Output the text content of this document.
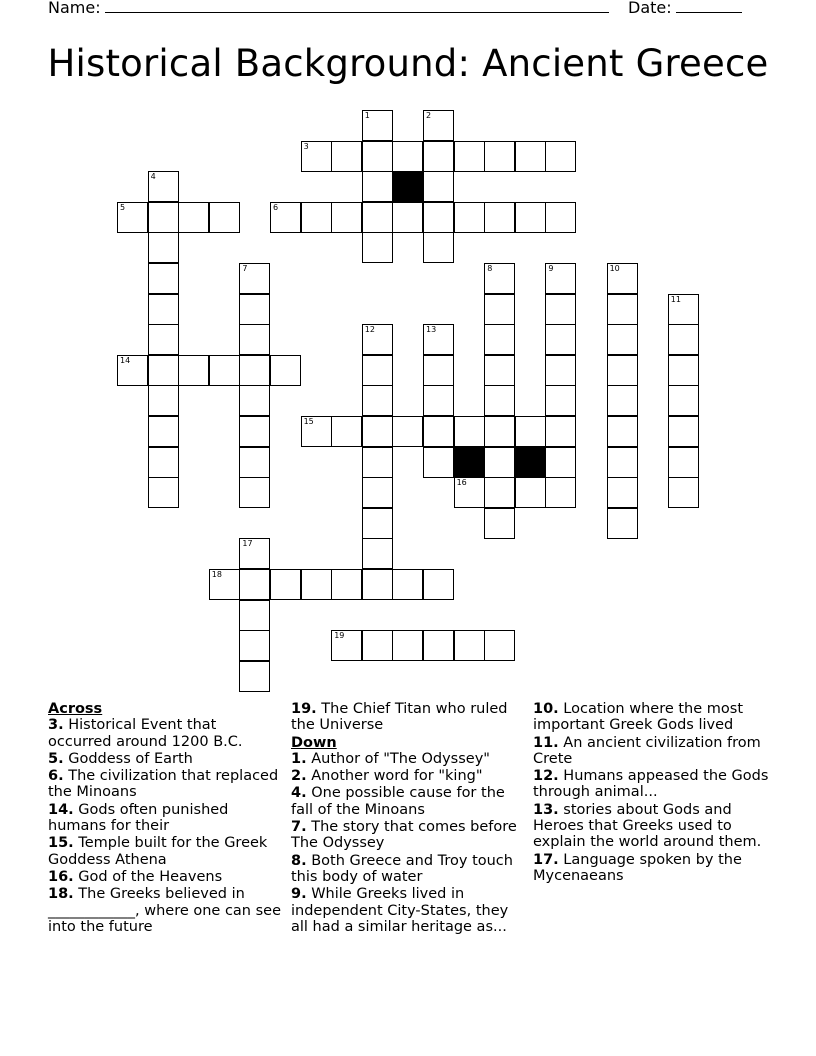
Name:	Date:
Historical Background: Ancient Greece
3
5	6
14
15
16
18
19
1	2
4
7	8	9	10
11
12	13
17
Across
3. Historical Event that occurred around 1200 B.C.
5. Goddess of Earth
6. The civilization that replaced the Minoans
14. Gods often punished humans for their
15. Temple built for the Greek Goddess Athena
16. God of the Heavens
18. The Greeks believed in ____________, where one can see into the future
19. The Chief Titan who ruled the Universe
Down
1. Author of "The Odyssey"
2. Another word for "king"
4. One possible cause for the fall of the Minoans
7. The story that comes before The Odyssey
8. Both Greece and Troy touch this body of water
9. While Greeks lived in independent City-States, they all had a similar heritage as...
10. Location where the most important Greek Gods lived
11. An ancient civilization from Crete
12. Humans appeased the Gods through animal...
13. stories about Gods and Heroes that Greeks used to explain the world around them.
17. Language spoken by the Mycenaeans
